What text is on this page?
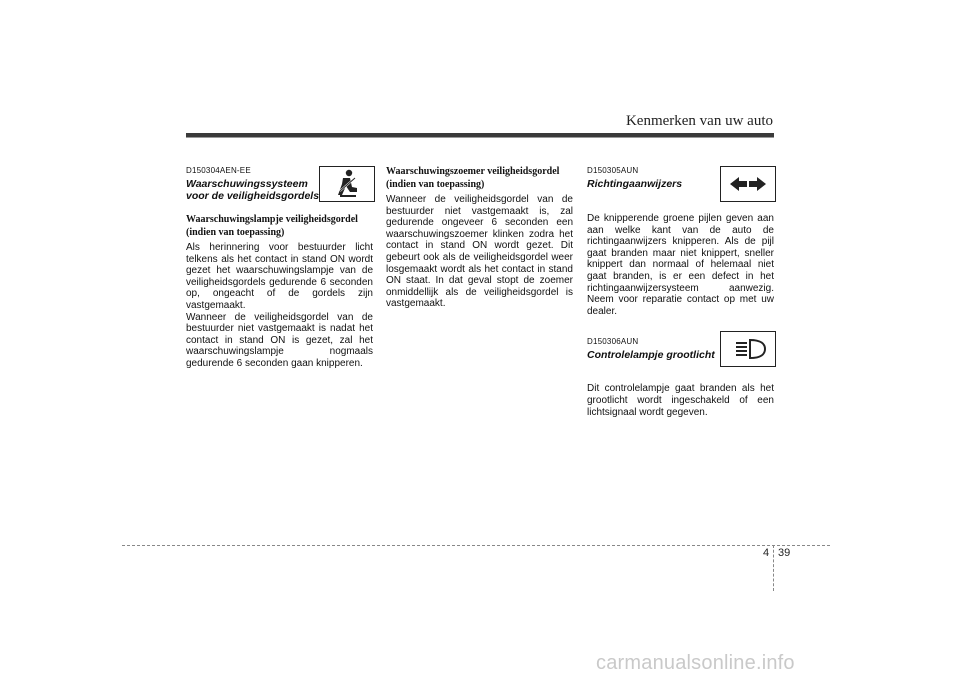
Kenmerken van uw auto

D150304AEN-EE

Waarschuwingssysteem

voor de veiligheidsgordels

Waarschuwingslampje veiligheidsgordel

(indien van toepassing)

Als herinnering voor bestuurder licht telkens als het contact in stand ON wordt gezet het waarschuwingslampje van de veiligheidsgordels gedurende 6 seconden op, ongeacht of de gordels zijn vastgemaakt.

Wanneer de veiligheidsgordel van de bestuurder niet vastgemaakt is nadat het contact in stand ON is gezet, zal het waarschuwingslampje nogmaals gedurende 6 seconden gaan knipperen.

Waarschuwingszoemer veiligheidsgordel

(indien van toepassing)

Wanneer de veiligheidsgordel van de bestuurder niet vastgemaakt is, zal gedurende ongeveer 6 seconden een waarschuwingszoemer klinken zodra het contact in stand ON wordt gezet. Dit gebeurt ook als de veiligheidsgordel weer losgemaakt wordt als het contact in stand ON staat. In dat geval stopt de zoemer onmiddellijk als de veiligheidsgordel is vastgemaakt.

D150305AUN

Richtingaanwijzers

De knipperende groene pijlen geven aan aan welke kant van de auto de richtingaanwijzers knipperen. Als de pijl gaat branden maar niet knippert, sneller knippert dan normaal of helemaal niet gaat branden, is er een defect in het richtingaanwijzersysteem aanwezig. Neem voor reparatie contact op met uw dealer.

D150306AUN

Controlelampje grootlicht

Dit controlelampje gaat branden als het grootlicht wordt ingeschakeld of een lichtsignaal wordt gegeven.

4 39
carmanualsonline.info
